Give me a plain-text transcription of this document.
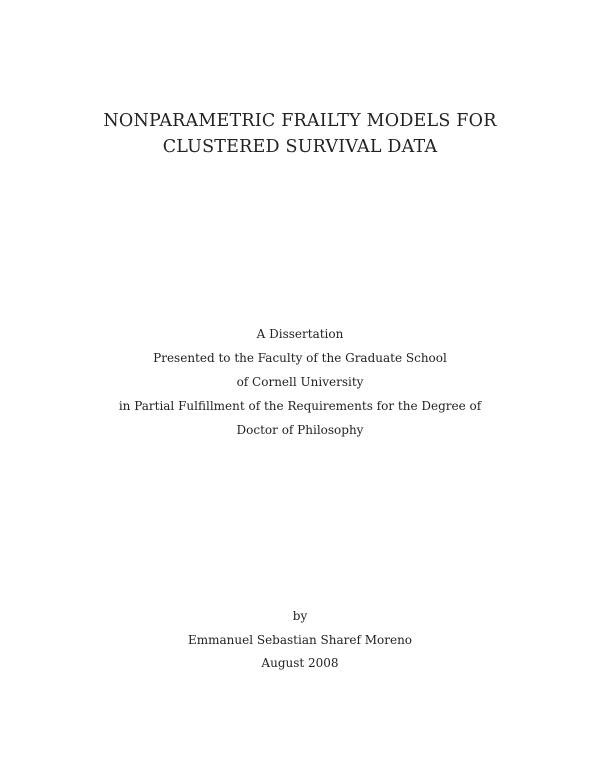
NONPARAMETRIC FRAILTY MODELS FOR
CLUSTERED SURVIVAL DATA
A Dissertation
Presented to the Faculty of the Graduate School
of Cornell University
in Partial Fulfillment of the Requirements for the Degree of
Doctor of Philosophy
by
Emmanuel Sebastian Sharef Moreno
August 2008
